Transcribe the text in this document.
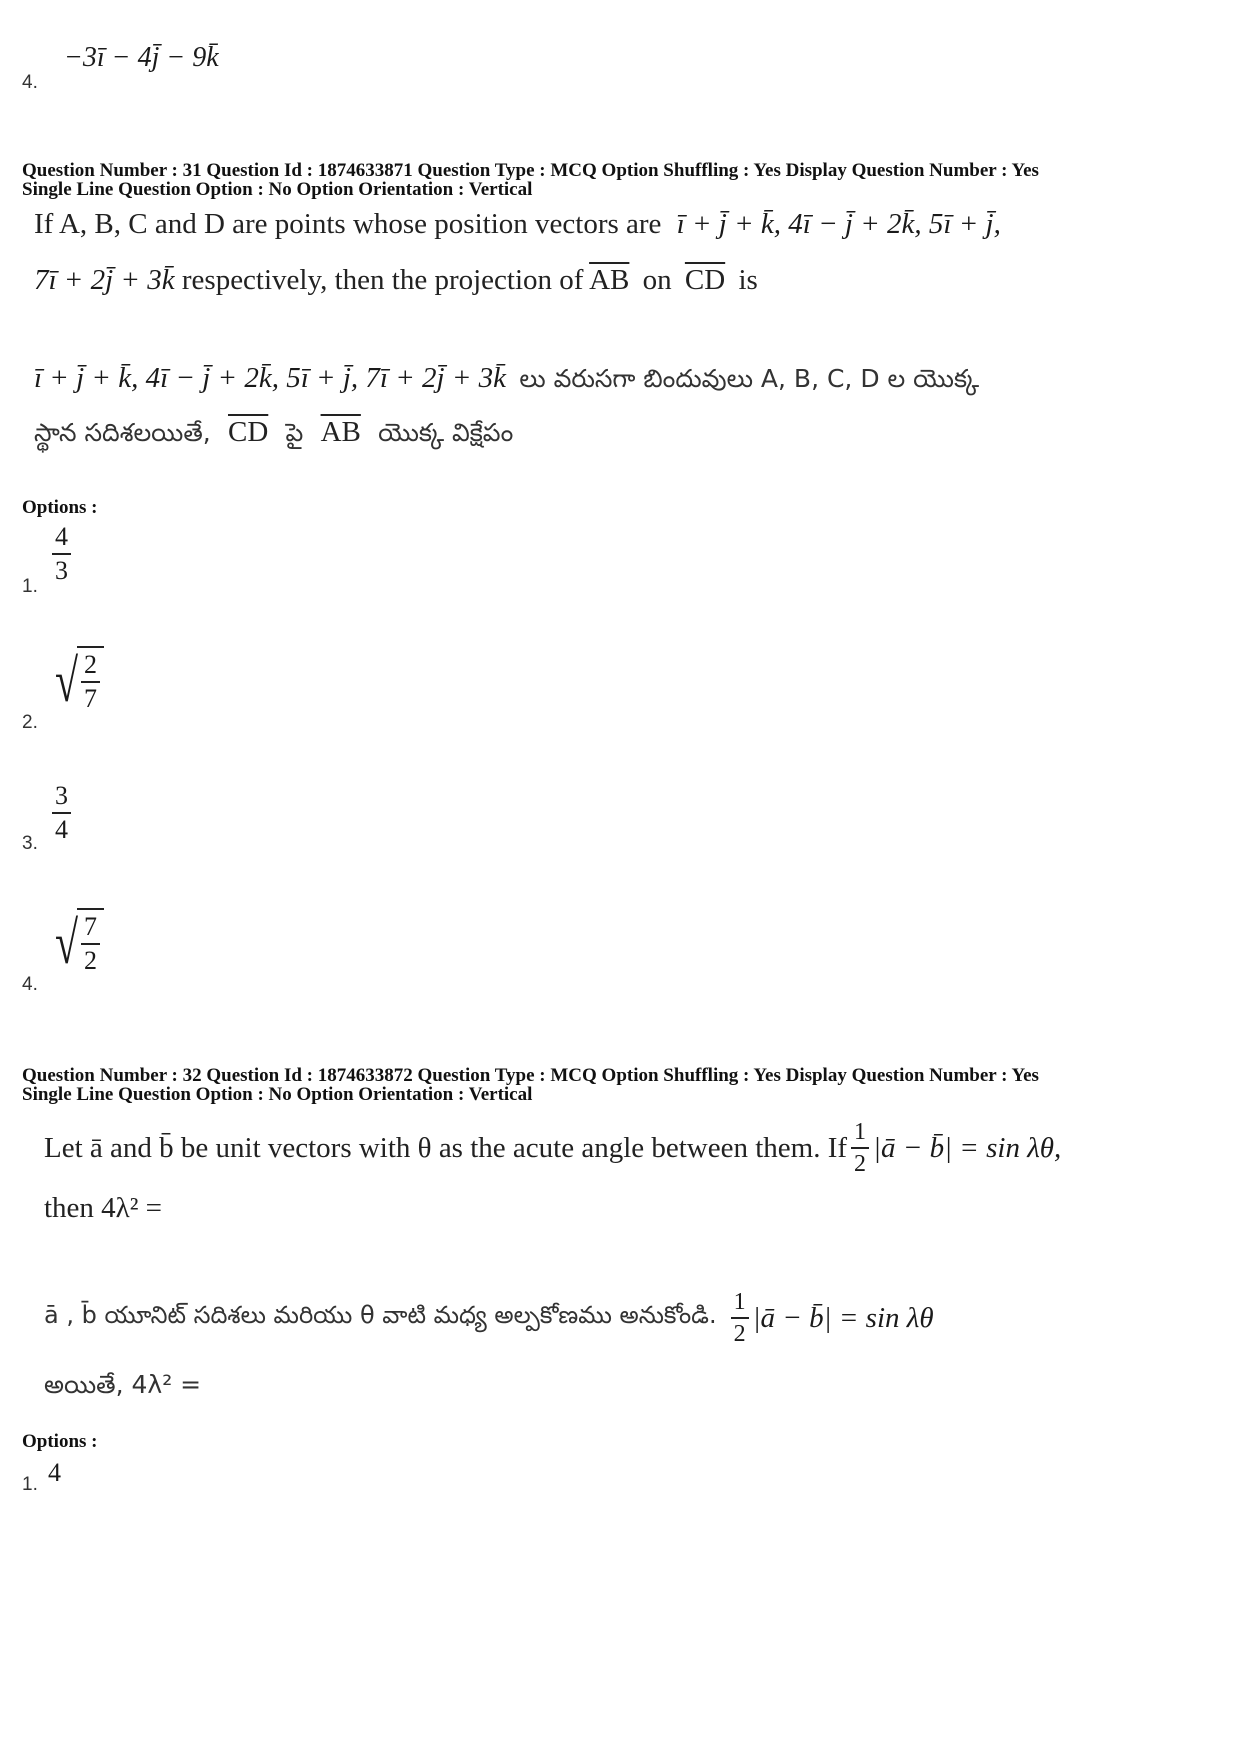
4.
−3ī − 4j̄ − 9k̄
Question Number : 31 Question Id : 1874633871 Question Type : MCQ Option Shuffling : Yes Display Question Number : Yes
Single Line Question Option : No Option Orientation : Vertical
If A, B, C and D are points whose position vectors are ī + j̄ + k̄, 4ī − j̄ + 2k̄, 5ī + j̄,
7ī + 2j̄ + 3k̄ respectively, then the projection of $\overline{AB}$ on $\overline{CD}$ is
ī + j̄ + k̄, 4ī − j̄ + 2k̄, 5ī + j̄, 7ī + 2j̄ + 3k̄ లు వరుసగా బిందువులు A, B, C, D ల యొక్క
స్థాన సదిశలయితే, $\overline{CD}$ పై $\overline{AB}$ యొక్క విక్షేపం
Options :
1.
$\frac{4}{3}$
2.
√ $\frac{2}{7}$
3.
$\frac{3}{4}$
4.
√ $\frac{7}{2}$
Question Number : 32 Question Id : 1874633872 Question Type : MCQ Option Shuffling : Yes Display Question Number : Yes
Single Line Question Option : No Option Orientation : Vertical
Let ā and b̄ be unit vectors with θ as the acute angle between them. If $\frac{1}{2}$ |ā − b̄| = sin λθ,
then 4λ² =
ā , b̄ యూనిట్ సదిశలు మరియు θ వాటి మధ్య అల్పకోణము అనుకోండి. $\frac{1}{2}$ |ā − b̄| = sin λθ
అయితే, 4λ² =
Options :
1. 4
